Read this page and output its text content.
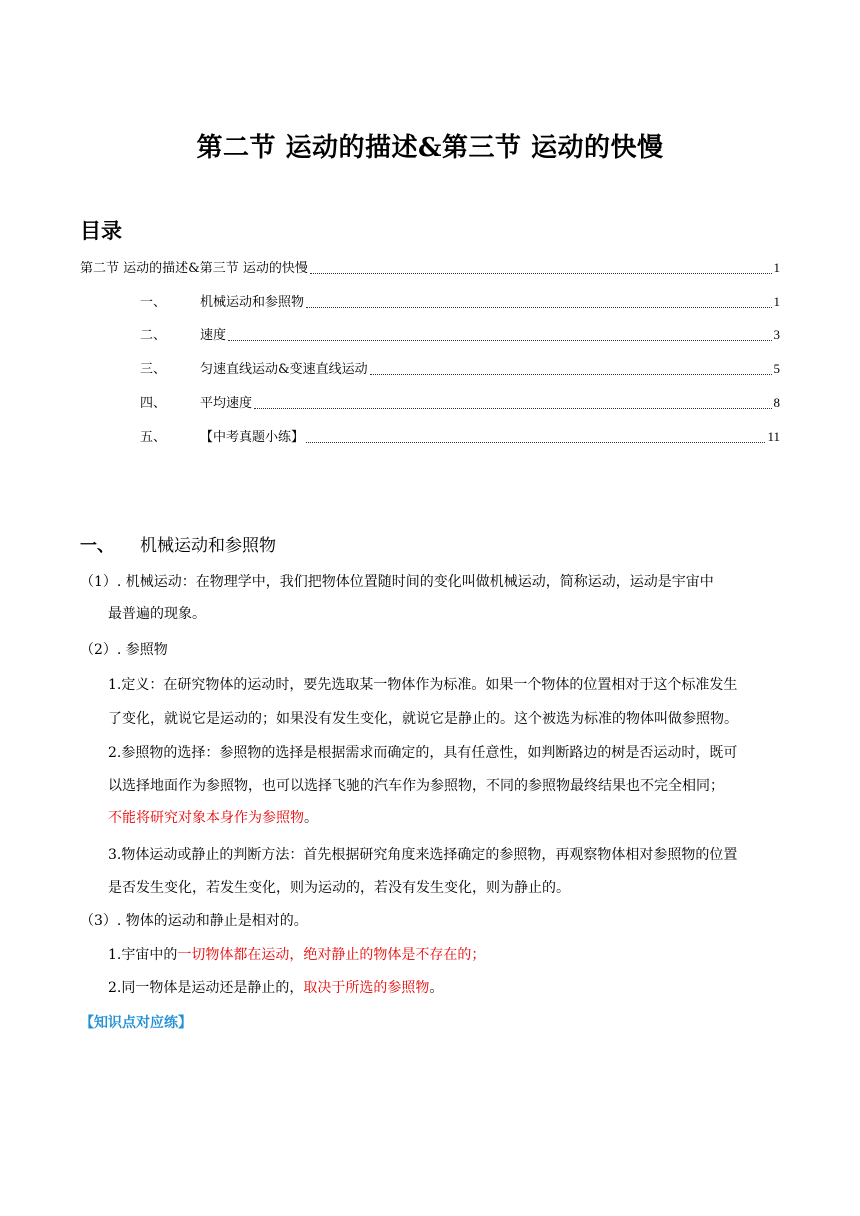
第二节 运动的描述&第三节 运动的快慢
目录
第二节 运动的描述&第三节 运动的快慢	1
一、	机械运动和参照物	1
二、	速度	3
三、	匀速直线运动&变速直线运动	5
四、	平均速度	8
五、	【中考真题小练】	11
一、 机械运动和参照物
（1）. 机械运动：在物理学中，我们把物体位置随时间的变化叫做机械运动，简称运动，运动是宇宙中
最普遍的现象。
（2）. 参照物
1.定义：在研究物体的运动时，要先选取某一物体作为标准。如果一个物体的位置相对于这个标准发生
了变化，就说它是运动的；如果没有发生变化，就说它是静止的。这个被选为标准的物体叫做参照物。
2.参照物的选择：参照物的选择是根据需求而确定的，具有任意性，如判断路边的树是否运动时，既可
以选择地面作为参照物，也可以选择飞驰的汽车作为参照物，不同的参照物最终结果也不完全相同；
不能将研究对象本身作为参照物。
3.物体运动或静止的判断方法：首先根据研究角度来选择确定的参照物，再观察物体相对参照物的位置
是否发生变化，若发生变化，则为运动的，若没有发生变化，则为静止的。
（3）. 物体的运动和静止是相对的。
1.宇宙中的一切物体都在运动，绝对静止的物体是不存在的；
2.同一物体是运动还是静止的，取决于所选的参照物。
【知识点对应练】
